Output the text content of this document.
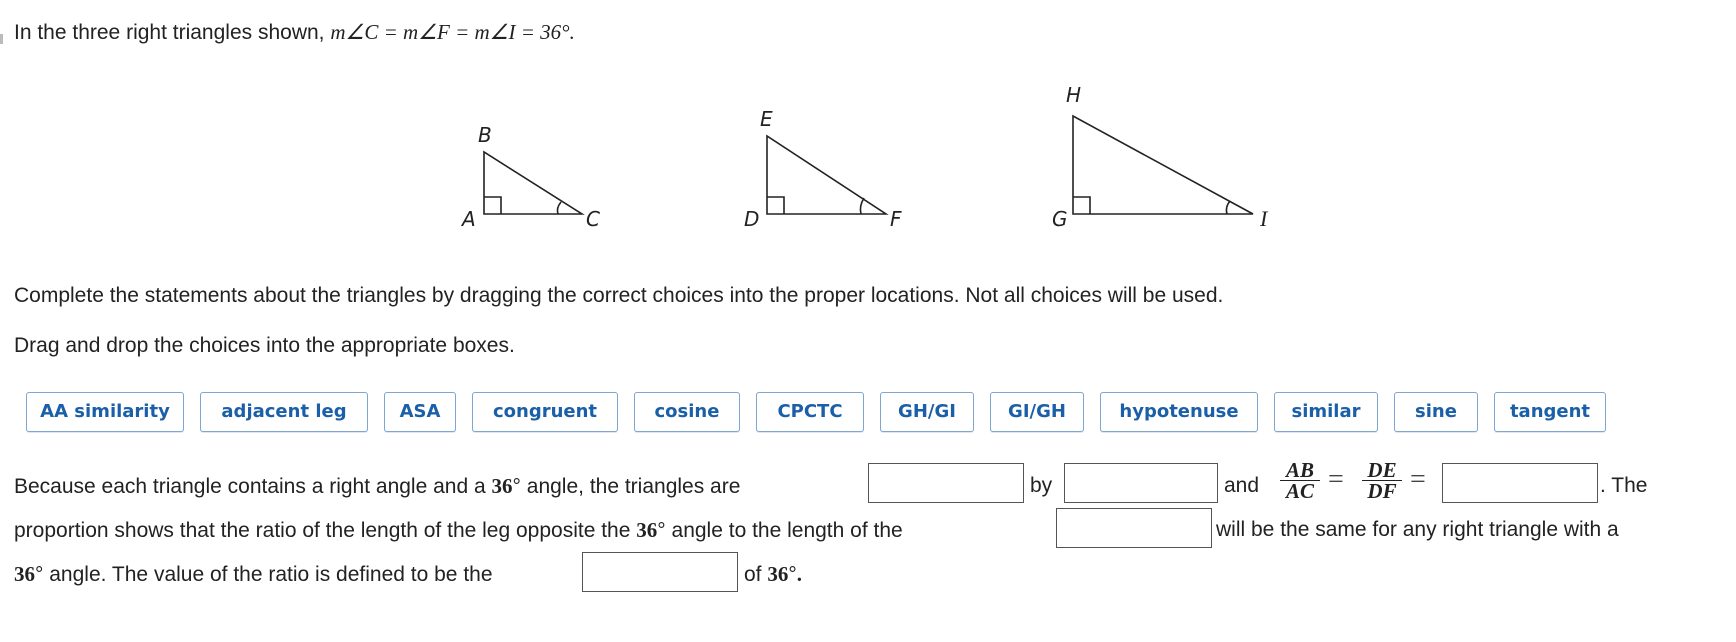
In the three right triangles shown, m∠C = m∠F = m∠I = 36°.
B
A	C
E
D	F
H
G	I
Complete the statements about the triangles by dragging the correct choices into the proper locations. Not all choices will be used.
Drag and drop the choices into the appropriate boxes.
AA similarity	adjacent leg	ASA	congruent	cosine	CPCTC	GH/GI	GI/GH	hypotenuse	similar	sine	tangent
Because each triangle contains a right angle and a 36° angle, the triangles are	by	and $\frac{AB}{AC} = \frac{DE}{DF}$ =	. The
proportion shows that the ratio of the length of the leg opposite the 36° angle to the length of the	will be the same for any right triangle with a
36° angle. The value of the ratio is defined to be the	of 36°.
